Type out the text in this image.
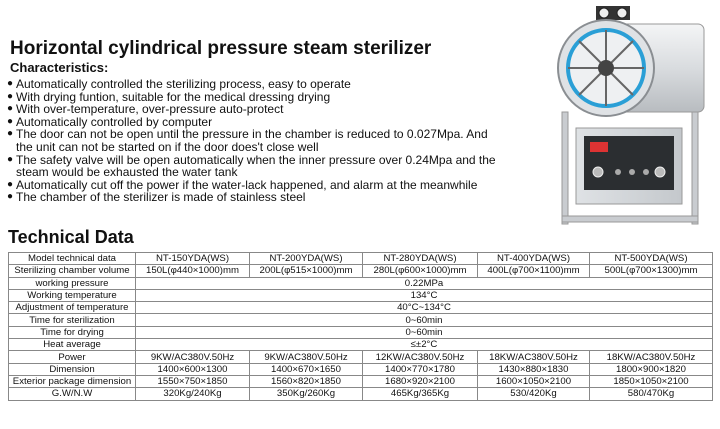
Horizontal cylindrical pressure steam sterilizer
Characteristics:
● Automatically controlled the sterilizing process, easy to operate
● With drying funtion, suitable for the medical dressing drying
● With over-temperature, over-pressure auto-protect
● Automatically controlled by computer
● The door can not be open until the pressure in the chamber is reduced to 0.027Mpa. And the unit can not be started on if the door does't close well
● The safety valve will be open automatically when the inner pressure over 0.24Mpa and the steam would be exhausted the water tank
● Automatically cut off the power if the water-lack happened, and alarm at the meanwhile
● The chamber of the sterilizer is made of stainless steel
Technical Data
Model technical data	NT-150YDA(WS)	NT-200YDA(WS)	NT-280YDA(WS)	NT-400YDA(WS)	NT-500YDA(WS)
Sterilizing chamber volume	150L(φ440×1000)mm	200L(φ515×1000)mm	280L(φ600×1000)mm	400L(φ700×1100)mm	500L(φ700×1300)mm
working pressure	0.22MPa				
Working temperature	134°C				
Adjustment of temperature	40°C~134°C				
Time for sterilization	0~60min				
Time for drying	0~60min				
Heat average	≤±2°C				
Power	9KW/AC380V.50Hz	9KW/AC380V.50Hz	12KW/AC380V.50Hz	18KW/AC380V.50Hz	18KW/AC380V.50Hz
Dimension	1400×600×1300	1400×670×1650	1400×770×1780	1430×880×1830	1800×900×1820
Exterior package dimension	1550×750×1850	1560×820×1850	1680×920×2100	1600×1050×2100	1850×1050×2100
G.W/N.W	320Kg/240Kg	350Kg/260Kg	465Kg/365Kg	530/420Kg	580/470Kg
